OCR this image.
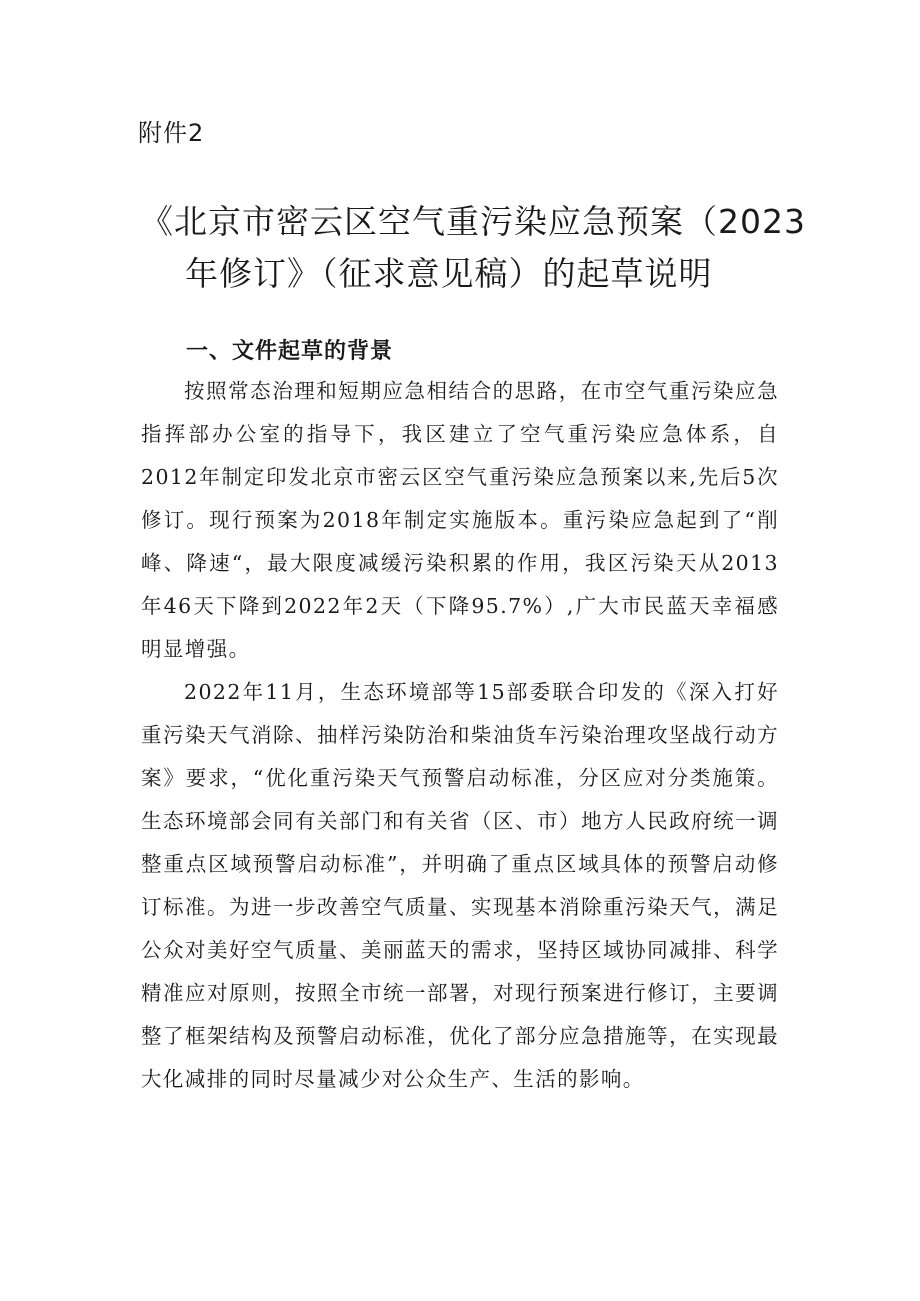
附件2
《北京市密云区空气重污染应急预案（2023
年修订》（征求意见稿）的起草说明
一、文件起草的背景

按照常态治理和短期应急相结合的思路，在市空气重污染应急指挥部办公室的指导下，我区建立了空气重污染应急体系，自2012年制定印发北京市密云区空气重污染应急预案以来,先后5次修订。现行预案为2018年制定实施版本。重污染应急起到了“削峰、降速“，最大限度减缓污染积累的作用，我区污染天从2013年46天下降到2022年2天（下降95.7%）,广大市民蓝天幸福感明显增强。

2022年11月，生态环境部等15部委联合印发的《深入打好重污染天气消除、抽样污染防治和柴油货车污染治理攻坚战行动方案》要求，“优化重污染天气预警启动标准，分区应对分类施策。生态环境部会同有关部门和有关省（区、市）地方人民政府统一调整重点区域预警启动标准”，并明确了重点区域具体的预警启动修订标准。为进一步改善空气质量、实现基本消除重污染天气，满足公众对美好空气质量、美丽蓝天的需求，坚持区域协同减排、科学精准应对原则，按照全市统一部署，对现行预案进行修订，主要调整了框架结构及预警启动标准，优化了部分应急措施等，在实现最大化减排的同时尽量减少对公众生产、生活的影响。
